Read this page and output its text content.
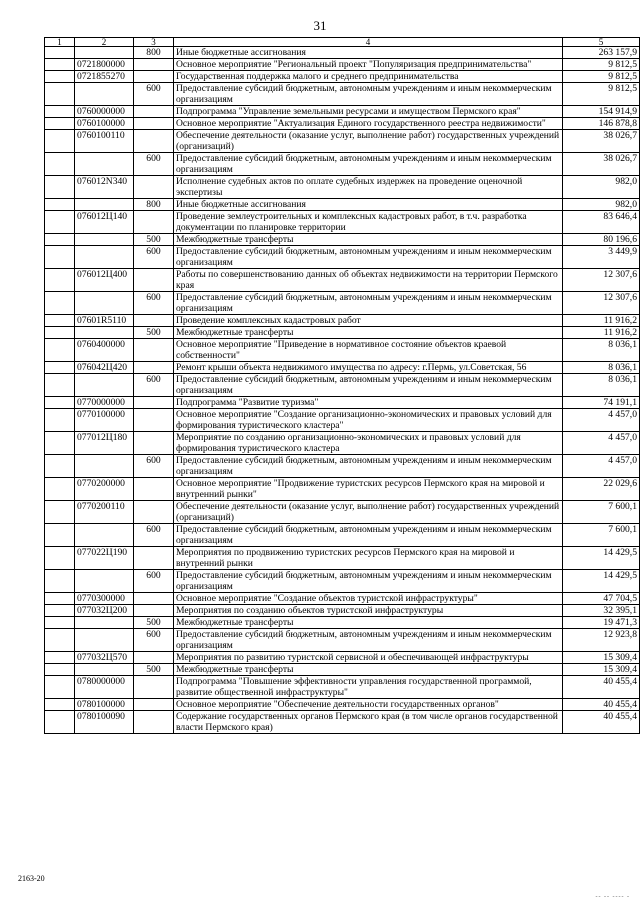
31
1	2	3	4	5
		800	Иные бюджетные ассигнования	263 157,9
	0721800000		Основное мероприятие "Региональный проект "Популяризация предпринимательства"	9 812,5
	0721855270		Государственная поддержка малого и среднего предпринимательства	9 812,5
		600	Предоставление субсидий бюджетным, автономным учреждениям и иным некоммерческим организациям	9 812,5
	0760000000		Подпрограмма "Управление земельными ресурсами и имуществом Пермского края"	154 914,9
	0760100000		Основное мероприятие "Актуализация Единого государственного реестра недвижимости"	146 878,8
	0760100110		Обеспечение деятельности (оказание услуг, выполнение работ) государственных учреждений (организаций)	38 026,7
		600	Предоставление субсидий бюджетным, автономным учреждениям и иным некоммерческим организациям	38 026,7
	076012N340		Исполнение судебных актов по оплате судебных издержек на проведение оценочной экспертизы	982,0
		800	Иные бюджетные ассигнования	982,0
	076012Ц140		Проведение землеустроительных и комплексных кадастровых работ, в т.ч. разработка документации по планировке территории	83 646,4
		500	Межбюджетные трансферты	80 196,6
		600	Предоставление субсидий бюджетным, автономным учреждениям и иным некоммерческим организациям	3 449,9
	076012Ц400		Работы по совершенствованию данных об объектах недвижимости на территории Пермского края	12 307,6
		600	Предоставление субсидий бюджетным, автономным учреждениям и иным некоммерческим организациям	12 307,6
	07601R5110		Проведение комплексных кадастровых работ	11 916,2
		500	Межбюджетные трансферты	11 916,2
	0760400000		Основное мероприятие "Приведение в нормативное состояние объектов краевой собственности"	8 036,1
	076042Ц420		Ремонт крыши объекта недвижимого имущества по адресу: г.Пермь, ул.Советская, 56	8 036,1
		600	Предоставление субсидий бюджетным, автономным учреждениям и иным некоммерческим организациям	8 036,1
	0770000000		Подпрограмма "Развитие туризма"	74 191,1
	0770100000		Основное мероприятие "Создание организационно-экономических и правовых условий для формирования туристического кластера"	4 457,0
	077012Ц180		Мероприятие по созданию организационно-экономических и правовых условий для формирования туристического кластера	4 457,0
		600	Предоставление субсидий бюджетным, автономным учреждениям и иным некоммерческим организациям	4 457,0
	0770200000		Основное мероприятие "Продвижение туристских ресурсов Пермского края на мировой и внутренний рынки"	22 029,6
	0770200110		Обеспечение деятельности (оказание услуг, выполнение работ) государственных учреждений (организаций)	7 600,1
		600	Предоставление субсидий бюджетным, автономным учреждениям и иным некоммерческим организациям	7 600,1
	077022Ц190		Мероприятия по продвижению туристских ресурсов Пермского края на мировой и внутренний рынки	14 429,5
		600	Предоставление субсидий бюджетным, автономным учреждениям и иным некоммерческим организациям	14 429,5
	0770300000		Основное мероприятие "Создание объектов туристской инфраструктуры"	47 704,5
	077032Ц200		Мероприятия по созданию объектов туристской инфраструктуры	32 395,1
		500	Межбюджетные трансферты	19 471,3
		600	Предоставление субсидий бюджетным, автономным учреждениям и иным некоммерческим организациям	12 923,8
	077032Ц570		Мероприятия по развитию туристской сервисной и обеспечивающей инфраструктуры	15 309,4
		500	Межбюджетные трансферты	15 309,4
	0780000000		Подпрограмма "Повышение эффективности управления государственной программой, развитие общественной инфраструктуры"	40 455,4
	0780100000		Основное мероприятие "Обеспечение деятельности государственных органов"	40 455,4
	0780100090		Содержание государственных органов Пермского края (в том числе органов государственной власти Пермского края)	40 455,4
2163-20
-- -- ---- -
